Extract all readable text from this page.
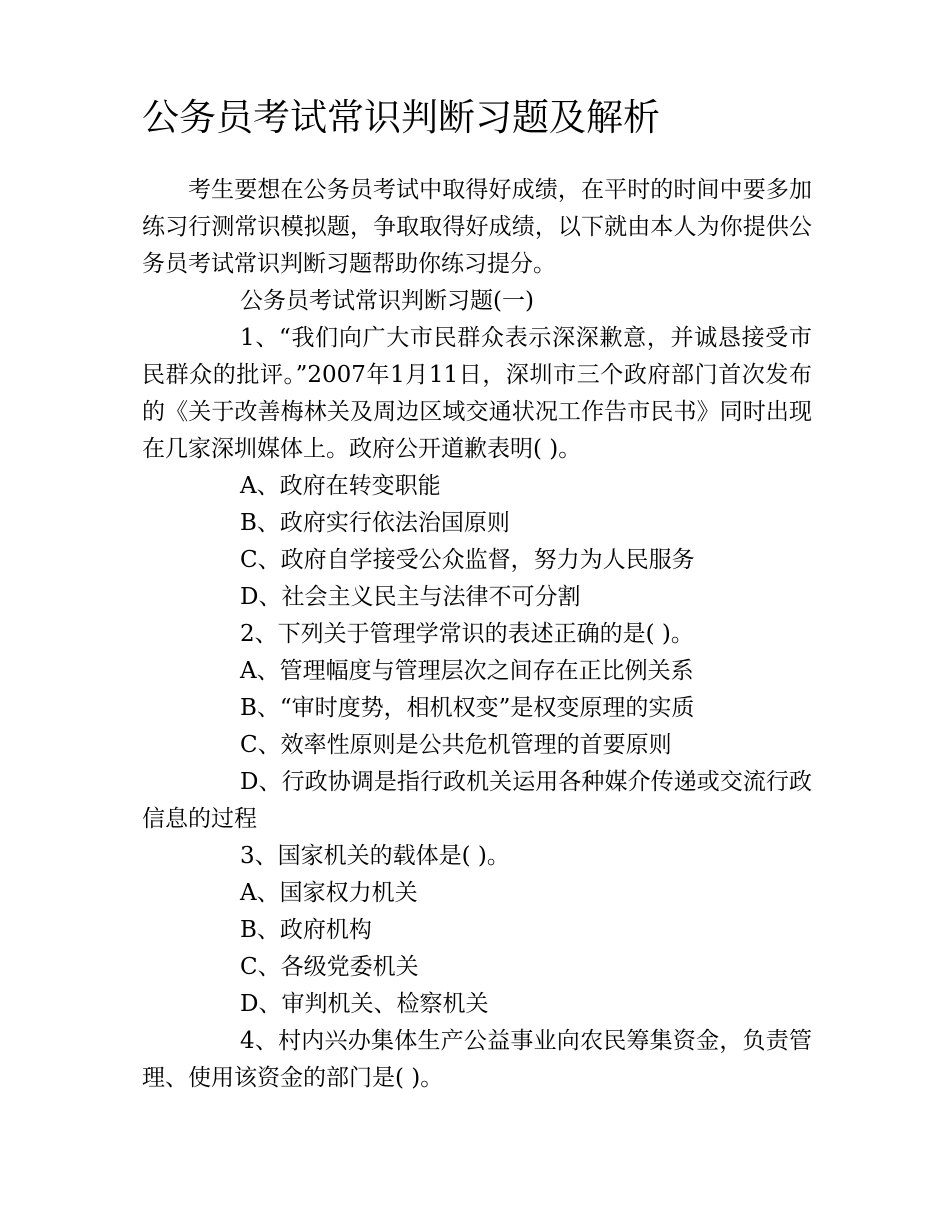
公务员考试常识判断习题及解析

考生要想在公务员考试中取得好成绩，在平时的时间中要多加练习行测常识模拟题，争取取得好成绩，以下就由本人为你提供公务员考试常识判断习题帮助你练习提分。

公务员考试常识判断习题(一)

1、“我们向广大市民群众表示深深歉意，并诚恳接受市民群众的批评。”2007年1月11日，深圳市三个政府部门首次发布的《关于改善梅林关及周边区域交通状况工作告市民书》同时出现在几家深圳媒体上。政府公开道歉表明( )。

A、政府在转变职能

B、政府实行依法治国原则

C、政府自学接受公众监督，努力为人民服务

D、社会主义民主与法律不可分割

2、下列关于管理学常识的表述正确的是( )。

A、管理幅度与管理层次之间存在正比例关系

B、“审时度势，相机权变”是权变原理的实质

C、效率性原则是公共危机管理的首要原则

D、行政协调是指行政机关运用各种媒介传递或交流行政信息的过程

3、国家机关的载体是( )。

A、国家权力机关

B、政府机构

C、各级党委机关

D、审判机关、检察机关

4、村内兴办集体生产公益事业向农民筹集资金，负责管理、使用该资金的部门是( )。
